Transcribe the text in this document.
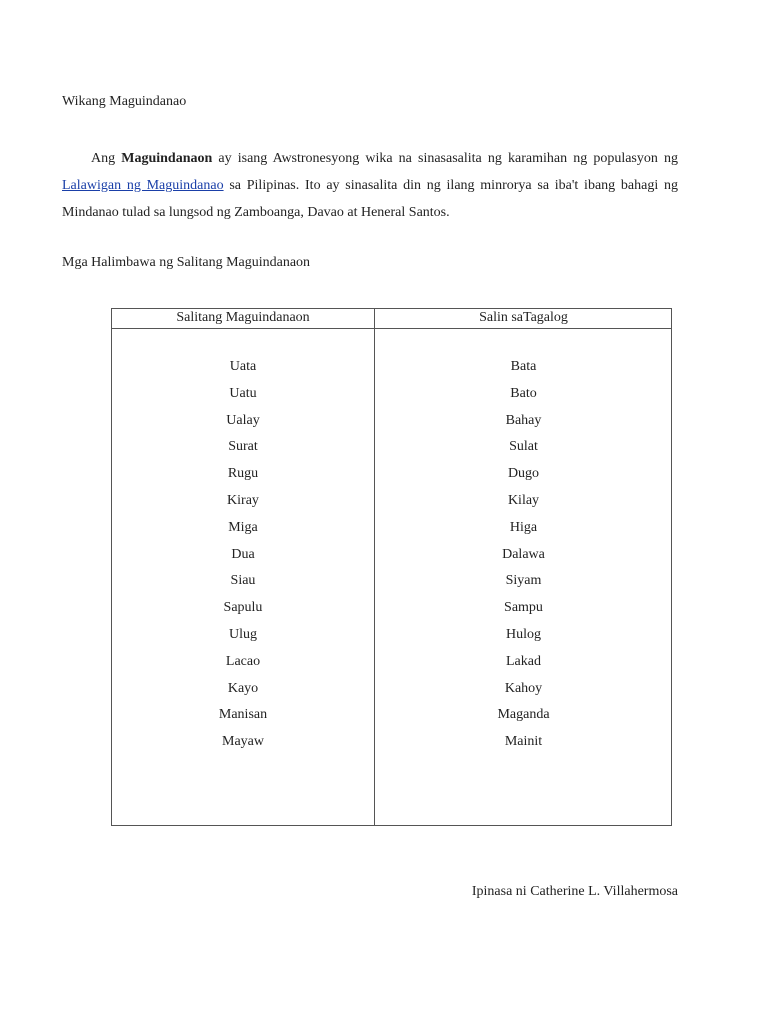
Wikang Maguindanao

Ang Maguindanaon ay isang Awstronesyong wika na sinasasalita ng karamihan ng populasyon ng Lalawigan ng Maguindanao sa Pilipinas. Ito ay sinasalita din ng ilang minrorya sa iba't ibang bahagi ng Mindanao tulad sa lungsod ng Zamboanga, Davao at Heneral Santos.

Mga Halimbawa ng Salitang Maguindanaon
Salitang Maguindanaon	Salin saTagalog
Uata
Uatu
Ualay
Surat
Rugu
Kiray
Miga
Dua
Siau
Sapulu
Ulug
Lacao
Kayo
Manisan
Mayaw
Bata
Bato
Bahay
Sulat
Dugo
Kilay
Higa
Dalawa
Siyam
Sampu
Hulog
Lakad
Kahoy
Maganda
Mainit
Ipinasa ni Catherine L. Villahermosa
